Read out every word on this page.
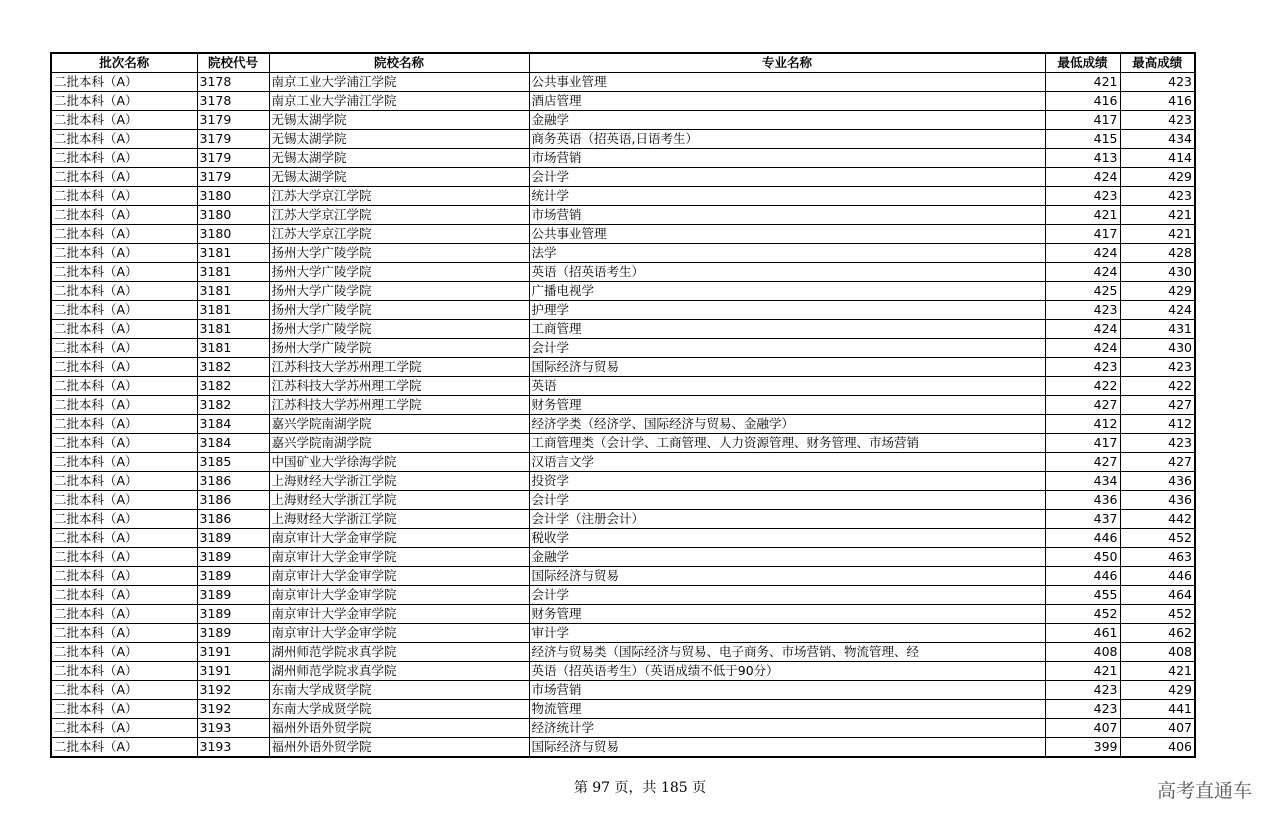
批次名称	院校代号	院校名称	专业名称	最低成绩	最高成绩
二批本科（A）	3178	南京工业大学浦江学院	公共事业管理	421	423
二批本科（A）	3178	南京工业大学浦江学院	酒店管理	416	416
二批本科（A）	3179	无锡太湖学院	金融学	417	423
二批本科（A）	3179	无锡太湖学院	商务英语（招英语,日语考生）	415	434
二批本科（A）	3179	无锡太湖学院	市场营销	413	414
二批本科（A）	3179	无锡太湖学院	会计学	424	429
二批本科（A）	3180	江苏大学京江学院	统计学	423	423
二批本科（A）	3180	江苏大学京江学院	市场营销	421	421
二批本科（A）	3180	江苏大学京江学院	公共事业管理	417	421
二批本科（A）	3181	扬州大学广陵学院	法学	424	428
二批本科（A）	3181	扬州大学广陵学院	英语（招英语考生）	424	430
二批本科（A）	3181	扬州大学广陵学院	广播电视学	425	429
二批本科（A）	3181	扬州大学广陵学院	护理学	423	424
二批本科（A）	3181	扬州大学广陵学院	工商管理	424	431
二批本科（A）	3181	扬州大学广陵学院	会计学	424	430
二批本科（A）	3182	江苏科技大学苏州理工学院	国际经济与贸易	423	423
二批本科（A）	3182	江苏科技大学苏州理工学院	英语	422	422
二批本科（A）	3182	江苏科技大学苏州理工学院	财务管理	427	427
二批本科（A）	3184	嘉兴学院南湖学院	经济学类（经济学、国际经济与贸易、金融学）	412	412
二批本科（A）	3184	嘉兴学院南湖学院	工商管理类（会计学、工商管理、人力资源管理、财务管理、市场营销	417	423
二批本科（A）	3185	中国矿业大学徐海学院	汉语言文学	427	427
二批本科（A）	3186	上海财经大学浙江学院	投资学	434	436
二批本科（A）	3186	上海财经大学浙江学院	会计学	436	436
二批本科（A）	3186	上海财经大学浙江学院	会计学（注册会计）	437	442
二批本科（A）	3189	南京审计大学金审学院	税收学	446	452
二批本科（A）	3189	南京审计大学金审学院	金融学	450	463
二批本科（A）	3189	南京审计大学金审学院	国际经济与贸易	446	446
二批本科（A）	3189	南京审计大学金审学院	会计学	455	464
二批本科（A）	3189	南京审计大学金审学院	财务管理	452	452
二批本科（A）	3189	南京审计大学金审学院	审计学	461	462
二批本科（A）	3191	湖州师范学院求真学院	经济与贸易类（国际经济与贸易、电子商务、市场营销、物流管理、经	408	408
二批本科（A）	3191	湖州师范学院求真学院	英语（招英语考生）（英语成绩不低于90分）	421	421
二批本科（A）	3192	东南大学成贤学院	市场营销	423	429
二批本科（A）	3192	东南大学成贤学院	物流管理	423	441
二批本科（A）	3193	福州外语外贸学院	经济统计学	407	407
二批本科（A）	3193	福州外语外贸学院	国际经济与贸易	399	406
第 97 页，共 185 页	高考直通车
